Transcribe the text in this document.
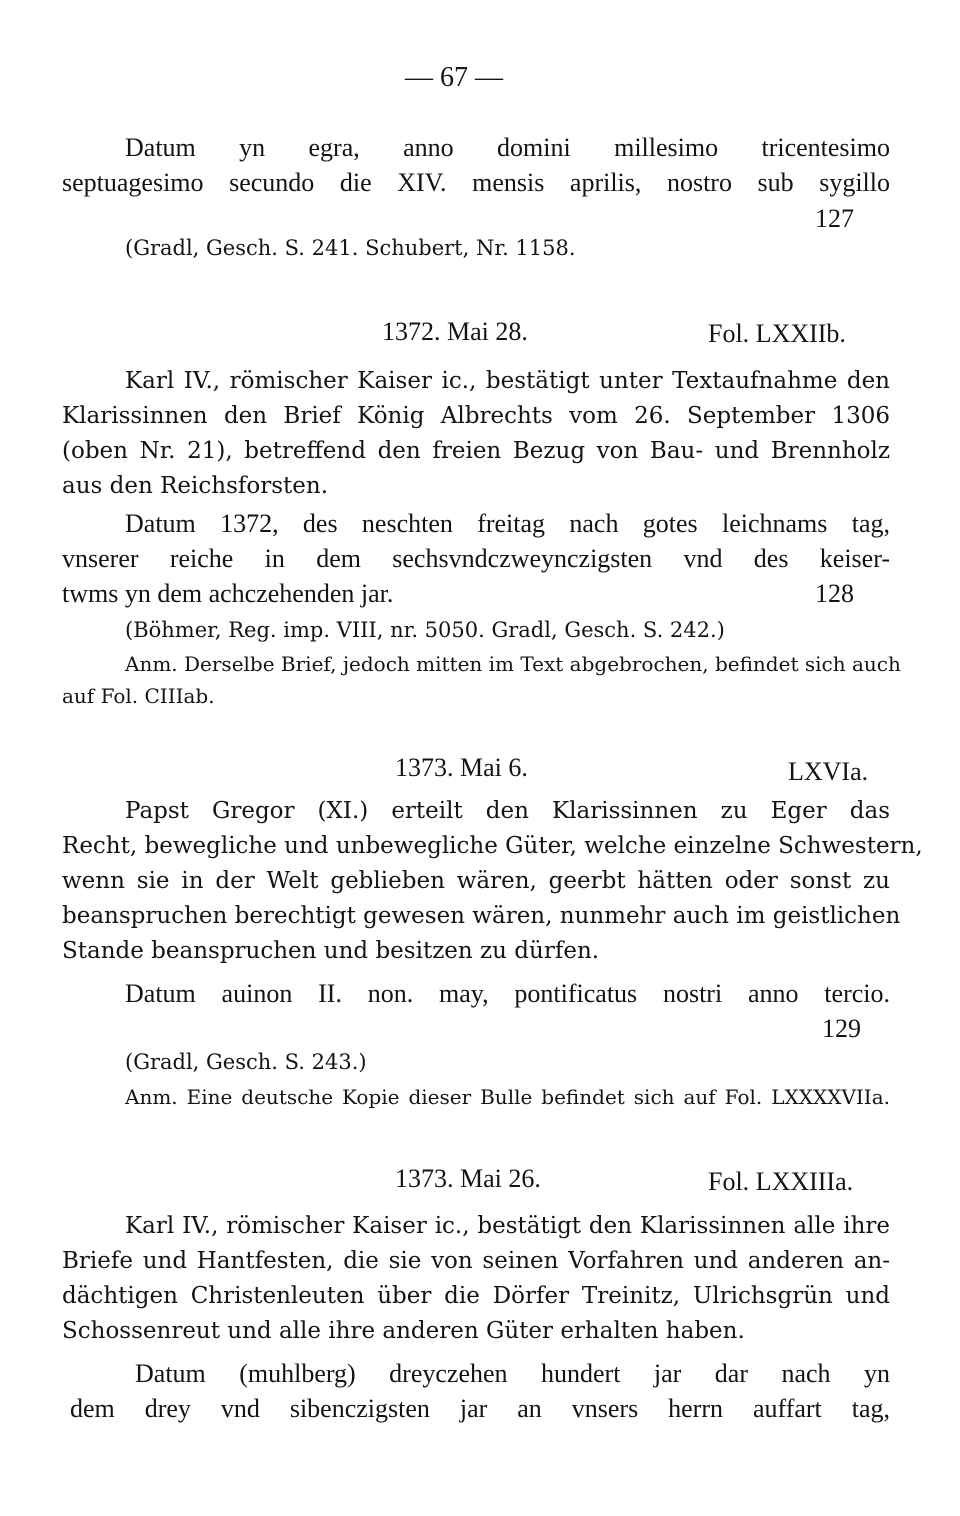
— 67 —
Datum yn egra, anno domini millesimo tricentesimo
septuagesimo secundo die XIV. mensis aprilis, nostro sub sygillo
127
(Gradl, Gesch. S. 241. Schubert, Nr. 1158.
1372. Mai 28.	Fol. LXXIIb.
Karl IV., römischer Kaiser ic., bestätigt unter Textaufnahme den
Klarissinnen den Brief König Albrechts vom 26. September 1306
(oben Nr. 21), betreffend den freien Bezug von Bau- und Brennholz
aus den Reichsforsten.
Datum 1372, des neschten freitag nach gotes leichnams tag,
vnserer reiche in dem sechsvndczweynczigsten vnd des keiser-
twms yn dem achczehenden jar.	128
(Böhmer, Reg. imp. VIII, nr. 5050. Gradl, Gesch. S. 242.)
Anm. Derselbe Brief, jedoch mitten im Text abgebrochen, befindet sich auch
auf Fol. CIIIab.
1373. Mai 6.	LXVIa.
Papst Gregor (XI.) erteilt den Klarissinnen zu Eger das
Recht, bewegliche und unbewegliche Güter, welche einzelne Schwestern,
wenn sie in der Welt geblieben wären, geerbt hätten oder sonst zu
beanspruchen berechtigt gewesen wären, nunmehr auch im geistlichen
Stande beanspruchen und besitzen zu dürfen.
Datum auinon II. non. may, pontificatus nostri anno tercio.
129
(Gradl, Gesch. S. 243.)
Anm. Eine deutsche Kopie dieser Bulle befindet sich auf Fol. LXXXXVIIa.
1373. Mai 26.	Fol. LXXIIIa.
Karl IV., römischer Kaiser ic., bestätigt den Klarissinnen alle ihre
Briefe und Hantfesten, die sie von seinen Vorfahren und anderen an-
dächtigen Christenleuten über die Dörfer Treinitz, Ulrichsgrün und
Schossenreut und alle ihre anderen Güter erhalten haben.
Datum (muhlberg) dreyczehen hundert jar dar nach yn
dem drey vnd sibenczigsten jar an vnsers herrn auffart tag,
